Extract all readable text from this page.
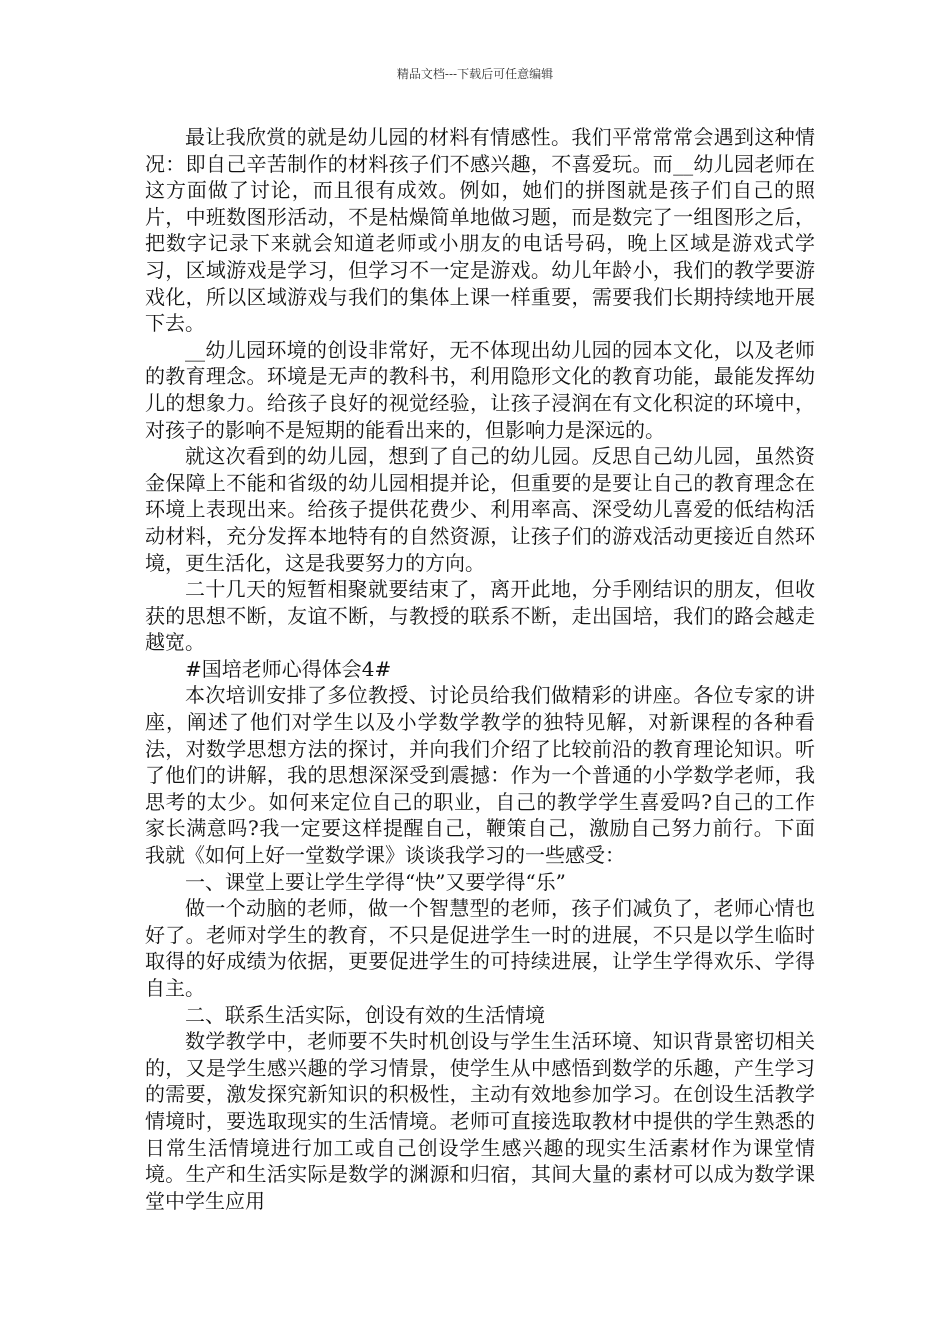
精品文档---下载后可任意编辑

最让我欣赏的就是幼儿园的材料有情感性。我们平常常常会遇到这种情况：即自己辛苦制作的材料孩子们不感兴趣，不喜爱玩。而__幼儿园老师在这方面做了讨论，而且很有成效。例如，她们的拼图就是孩子们自己的照片，中班数图形活动，不是枯燥简单地做习题，而是数完了一组图形之后，把数字记录下来就会知道老师或小朋友的电话号码，晚上区域是游戏式学习，区域游戏是学习，但学习不一定是游戏。幼儿年龄小，我们的教学要游戏化，所以区域游戏与我们的集体上课一样重要，需要我们长期持续地开展下去。

__幼儿园环境的创设非常好，无不体现出幼儿园的园本文化，以及老师的教育理念。环境是无声的教科书，利用隐形文化的教育功能，最能发挥幼儿的想象力。给孩子良好的视觉经验，让孩子浸润在有文化积淀的环境中，对孩子的影响不是短期的能看出来的，但影响力是深远的。

就这次看到的幼儿园，想到了自己的幼儿园。反思自己幼儿园，虽然资金保障上不能和省级的幼儿园相提并论，但重要的是要让自己的教育理念在环境上表现出来。给孩子提供花费少、利用率高、深受幼儿喜爱的低结构活动材料，充分发挥本地特有的自然资源，让孩子们的游戏活动更接近自然环境，更生活化，这是我要努力的方向。

二十几天的短暂相聚就要结束了，离开此地，分手刚结识的朋友，但收获的思想不断，友谊不断，与教授的联系不断，走出国培，我们的路会越走越宽。

#国培老师心得体会4#

本次培训安排了多位教授、讨论员给我们做精彩的讲座。各位专家的讲座，阐述了他们对学生以及小学数学教学的独特见解，对新课程的各种看法，对数学思想方法的探讨，并向我们介绍了比较前沿的教育理论知识。听了他们的讲解，我的思想深深受到震撼：作为一个普通的小学数学老师，我思考的太少。如何来定位自己的职业，自己的教学学生喜爱吗?自己的工作家长满意吗?我一定要这样提醒自己，鞭策自己，激励自己努力前行。下面我就《如何上好一堂数学课》谈谈我学习的一些感受：

一、课堂上要让学生学得“快”又要学得“乐”

做一个动脑的老师，做一个智慧型的老师，孩子们减负了，老师心情也好了。老师对学生的教育，不只是促进学生一时的进展，不只是以学生临时取得的好成绩为依据，更要促进学生的可持续进展，让学生学得欢乐、学得自主。

二、联系生活实际，创设有效的生活情境

数学教学中，老师要不失时机创设与学生生活环境、知识背景密切相关的，又是学生感兴趣的学习情景，使学生从中感悟到数学的乐趣，产生学习的需要，激发探究新知识的积极性，主动有效地参加学习。在创设生活教学情境时，要选取现实的生活情境。老师可直接选取教材中提供的学生熟悉的日常生活情境进行加工或自己创设学生感兴趣的现实生活素材作为课堂情境。生产和生活实际是数学的渊源和归宿，其间大量的素材可以成为数学课堂中学生应用
